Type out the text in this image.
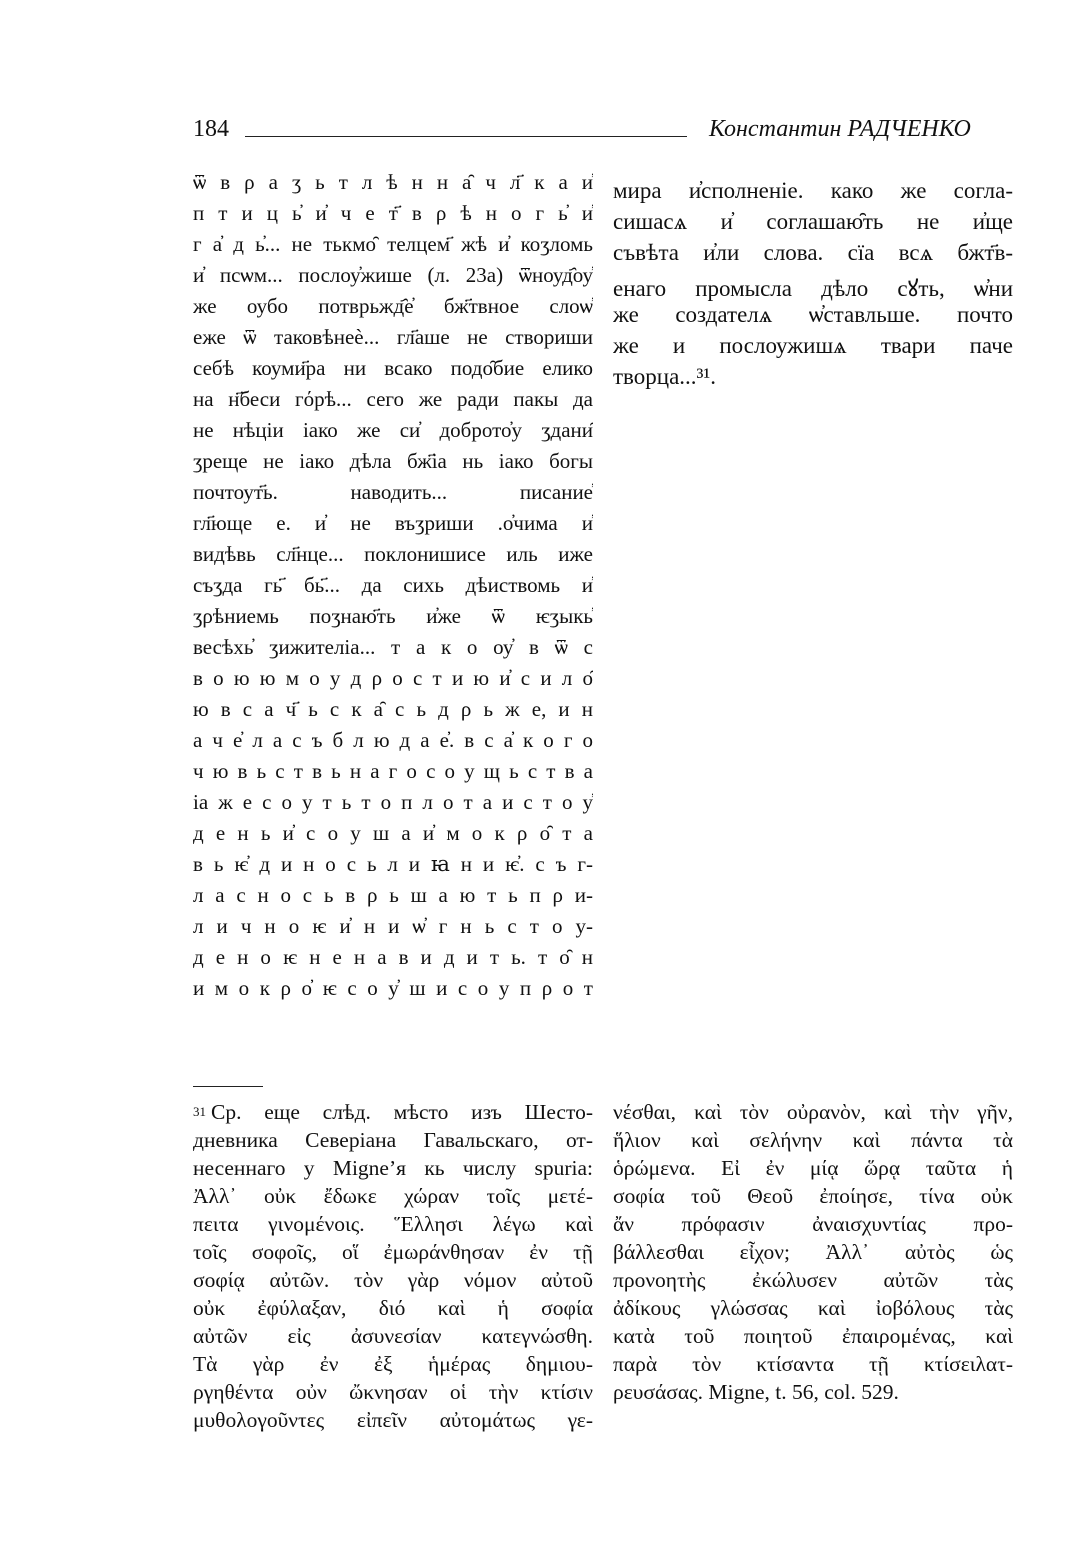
184	Константин РАДЧЕНКО
ѿ в ρ а ʒ ь т л ѣ н н а̑ ч л҃ к а и҆
п т и ц ь҆ и҆ ч е т҃ в ρ ѣ н о г ь҆ и҆
г а҆ д ь҆... не тькмо̑ телцем҃ жѣ и҆ коʒломь
и҆ псѡм... послоу҆жише (л. 23а) ѿноуд҄оу҆
же оубо потврьжд҄е҆ бж҃твное слоѡ҆
еже ѿ таковѣнеѐ... гл҃аше не створиши
себѣ коуми҃ра ни всако подо̑бие елико
на н҃беси гόрѣ... сего же ради пакы да
не нѣціи іако же си҆ доброто҆у ʒдани̑
ʒреще не іако дѣла бж҃іа нь іако богы
почтоут҃ь. наводить... писание҆
гл҃юще е. и҆ не въʒриши .о҆чима и҆
видѣвь сл҃нце... поклонишисе иль иже
съʒда гь҃ бь҃... да сихь дѣиствомь и҆
ʒρѣниемь поʒнаю҃ть и҆же ѿ ѥʒыкь҆
весѣхь҆ ʒижителіа... т а к о оу҆ в ѿ с
в о ю ю м о у д ρ о с т и ю и҆ с и л о̑
ю в с а ч҃ ь с к а̑ с ь д ρ ь ж е, и н
а ч е҆ л а с ъ б л ю д а е҆. в с а҆ к о г о
ч ю в ь с т в ь н а г о с о у щ ь с т в а
іа ж е с о у т ь т о п л о т а и с т о у҆
д е н ь и҆ с о у ш а и҆ м о к ρ о̑ т а
в ь ѥ҆ д и н о с ь л и ꙗ н и ѥ҆. с ъ г-
л а с н о с ь в ρ ь ш а ю т ь п ρ и-
л и ч н о ѥ и҆ н и ѡ҆ г н ь с т о у-
д е н о ѥ н е н а в и д и т ь. т о̑ н
и м о к ρ о҆ ѥ с о у҆ ш и с о у п ρ о т
мира и҆сполненіе. како же согла-
сишасѧ и҆ соглашаю̑ть не и҆ще
съвѣта и҆ли слова. сїа всѧ бжт҃в-
енаго промысла дѣло сꙋть, ѡ҆ни
же создателѧ ѡ҆ставльше. почто
же и послоужишѧ твари паче
творца...³¹.
31 Ср. еще слѣд. мѣсто изъ Шесто-
дневника Северіана Гавальскаго, от-
несеннаго у Migne’я кь числу spuria:
Ἀλλ᾽ οὐκ ἔδωκε χώραν τοῖς μετέ-
πειτα γινομένοις. Ἕλλησι λέγω καὶ
τοῖς σοφοῖς, οἵ ἐμωράνθησαν ἐν τῇ
σοφίᾳ αὐτῶν. τὸν γὰρ νόμον αὐτοῦ
οὐκ ἐφύλαξαν, διό καὶ ἡ σοφία
αὐτῶν εἰς ἀσυνεσίαν κατεγνώσθη.
Τὰ γὰρ ἐν ἐξ ἡμέρας δημιου-
ργηθέντα οὐν ὤκνησαν οἱ τὴν κτίσιν
μυθολογοῦντες εἰπεῖν αὐτομάτως γε-
νέσθαι, καὶ τὸν οὐρανὸν, καὶ τὴν γῆν,
ἥλιον καὶ σελήνην καὶ πάντα τὰ
ὁρώμενα. Εἰ ἐν μίᾳ ὥρᾳ ταῦτα ἡ
σοφία τοῦ Θεοῦ ἐποίησε, τίνα οὐκ
ἄν πρόφασιν ἀναισχυντίας προ-
βάλλεσθαι εἶχον; Ἀλλ᾽ αὐτὸς ὡς
προνοητὴς ἐκώλυσεν αὐτῶν τὰς
ἀδίκους γλώσσας καὶ ἰοβόλους τὰς
κατὰ τοῦ ποιητοῦ ἐπαιρομένας, καὶ
παρὰ τὸν κτίσαντα τῇ κτίσειλατ-
ρευσάσας. Migne, t. 56, col. 529.
